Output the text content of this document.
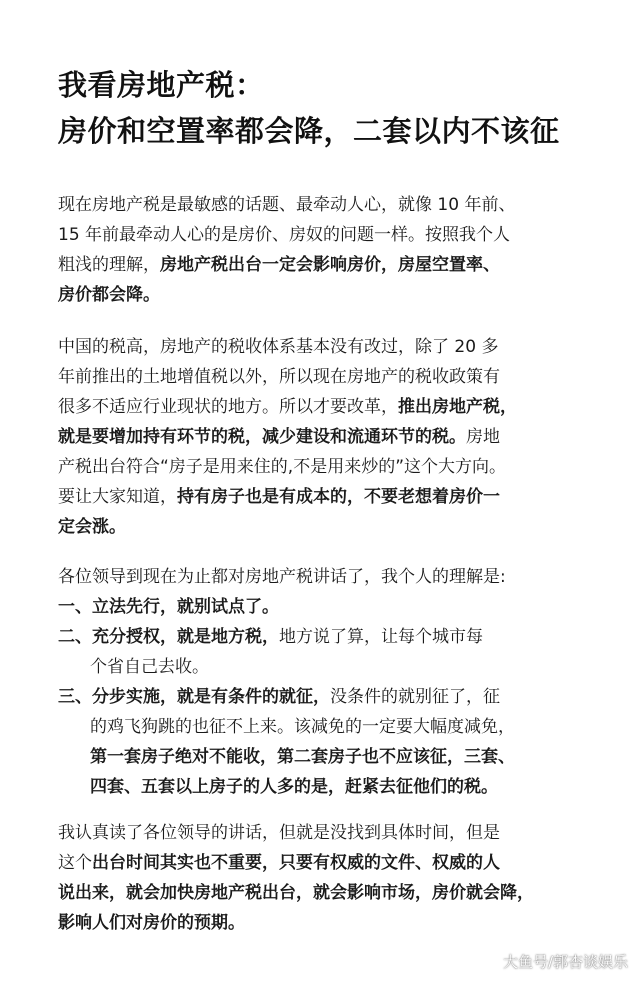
我看房地产税：
房价和空置率都会降，二套以内不该征
现在房地产税是最敏感的话题、最牵动人心，就像 10 年前、
15 年前最牵动人心的是房价、房奴的问题一样。按照我个人
粗浅的理解，房地产税出台一定会影响房价，房屋空置率、
房价都会降。
中国的税高，房地产的税收体系基本没有改过，除了 20 多
年前推出的土地增值税以外，所以现在房地产的税收政策有
很多不适应行业现状的地方。所以才要改革，推出房地产税，
就是要增加持有环节的税，减少建设和流通环节的税。房地
产税出台符合“房子是用来住的,不是用来炒的”这个大方向。
要让大家知道，持有房子也是有成本的，不要老想着房价一
定会涨。
各位领导到现在为止都对房地产税讲话了，我个人的理解是:
一、立法先行，就别试点了。
二、充分授权，就是地方税，地方说了算，让每个城市每
个省自己去收。
三、分步实施，就是有条件的就征，没条件的就别征了，征
的鸡飞狗跳的也征不上来。该减免的一定要大幅度减免，
第一套房子绝对不能收，第二套房子也不应该征，三套、
四套、五套以上房子的人多的是，赶紧去征他们的税。
我认真读了各位领导的讲话，但就是没找到具体时间，但是
这个出台时间其实也不重要，只要有权威的文件、权威的人
说出来，就会加快房地产税出台，就会影响市场，房价就会降，
影响人们对房价的预期。
大鱼号/郭杏谈娱乐
